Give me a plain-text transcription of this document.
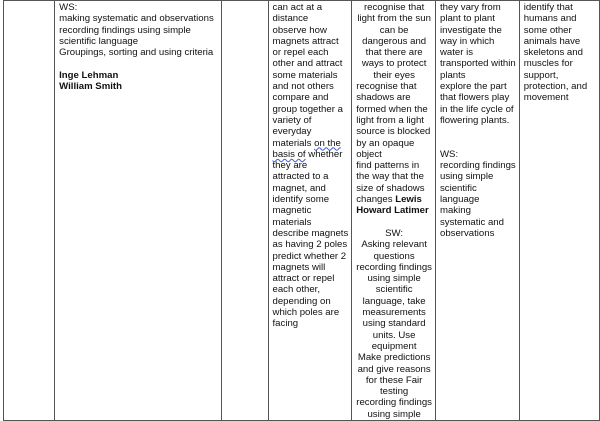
WS:
making systematic and observations
recording findings using simple
scientific language
Groupings, sorting and using criteria
Inge Lehman
William Smith

can act at a
distance
observe how
magnets attract
or repel each
other and attract
some materials
and not others
compare and
group together a
variety of
everyday
materials on the
basis of whether
they are
attracted to a
magnet, and
identify some
magnetic
materials
describe magnets
as having 2 poles
predict whether 2
magnets will
attract or repel
each other,
depending on
which poles are
facing

recognise that
light from the sun
can be
dangerous and
that there are
ways to protect
their eyes
recognise that
shadows are
formed when the
light from a light
source is blocked
by an opaque
object
find patterns in
the way that the
size of shadows
changes Lewis
Howard Latimer
SW:
Asking relevant
questions
recording findings
using simple
scientific
language, take
measurements
using standard
units. Use
equipment
Make predictions
and give reasons
for these Fair
testing
recording findings
using simple

they vary from
plant to plant
investigate the
way in which
water is
transported within
plants
explore the part
that flowers play
in the life cycle of
flowering plants.
WS:
recording findings
using simple
scientific
language
making
systematic and
observations

identify that
humans and
some other
animals have
skeletons and
muscles for
support,
protection, and
movement
